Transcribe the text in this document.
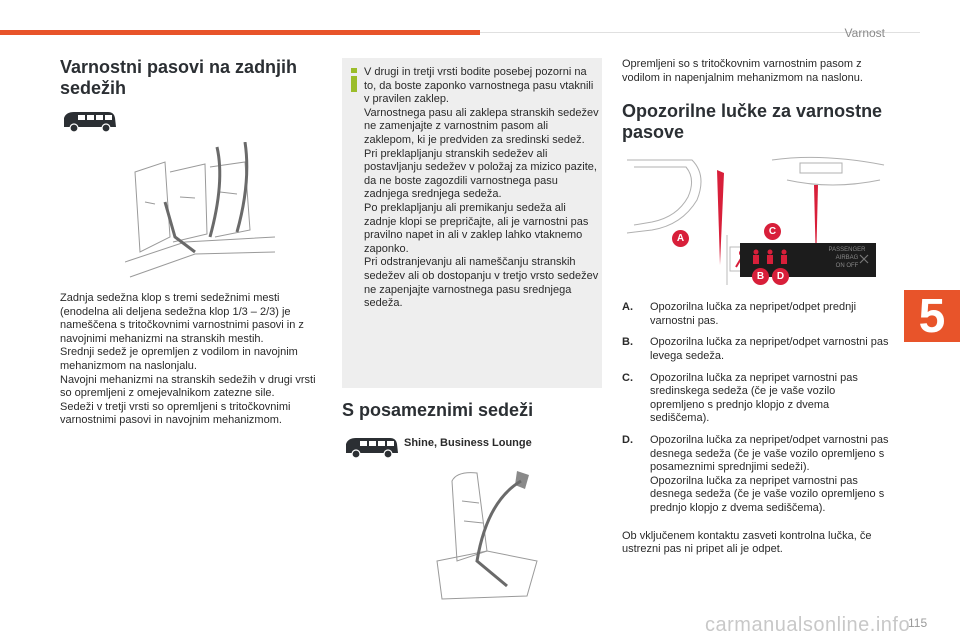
Varnost
5
Varnostni pasovi na zadnjih sedežih
Zadnja sedežna klop s tremi sedežnimi mesti (enodelna ali deljena sedežna klop 1/3 – 2/3) je nameščena s tritočkovnimi varnostnimi pasovi in z navojnimi mehanizmi na stranskih mestih.
Srednji sedež je opremljen z vodilom in navojnim mehanizmom na naslonjalu.
Navojni mehanizmi na stranskih sedežih v drugi vrsti so opremljeni z omejevalnikom zatezne sile.
Sedeži v tretji vrsti so opremljeni s tritočkovnimi varnostnimi pasovi in navojnim mehanizmom.
V drugi in tretji vrsti bodite posebej pozorni na to, da boste zaponko varnostnega pasu vtaknili v pravilen zaklep.
Varnostnega pasu ali zaklepa stranskih sedežev ne zamenjajte z varnostnim pasom ali zaklepom, ki je predviden za sredinski sedež.
Pri preklapljanju stranskih sedežev ali postavljanju sedežev v položaj za mizico pazite, da ne boste zagozdili varnostnega pasu zadnjega srednjega sedeža.
Po preklapljanju ali premikanju sedeža ali zadnje klopi se prepričajte, ali je varnostni pas pravilno napet in ali v zaklep lahko vtaknemo zaponko.
Pri odstranjevanju ali nameščanju stranskih sedežev ali ob dostopanju v tretjo vrsto sedežev ne zapenjajte varnostnega pasu srednjega sedeža.
S posameznimi sedeži
Shine, Business Lounge
Opremljeni so s tritočkovnim varnostnim pasom z vodilom in napenjalnim mehanizmom na naslonu.
Opozorilne lučke za varnostne pasove
PASSENGER
AIRBAG
ON OFF
A
B
C
D
A.	Opozorilna lučka za nepripet/odpet prednji varnostni pas.
B.	Opozorilna lučka za nepripet/odpet varnostni pas levega sedeža.
C.	Opozorilna lučka za nepripet varnostni pas sredinskega sedeža (če je vaše vozilo opremljeno s prednjo klopjo z dvema sediščema).
D.	Opozorilna lučka za nepripet/odpet varnostni pas desnega sedeža (če je vaše vozilo opremljeno s posameznimi sprednjimi sedeži).
Opozorilna lučka za nepripet varnostni pas desnega sedeža (če je vaše vozilo opremljeno s prednjo klopjo z dvema sediščema).
Ob vključenem kontaktu zasveti kontrolna lučka, če ustrezni pas ni pripet ali je odpet.
carmanualsonline.info
115
